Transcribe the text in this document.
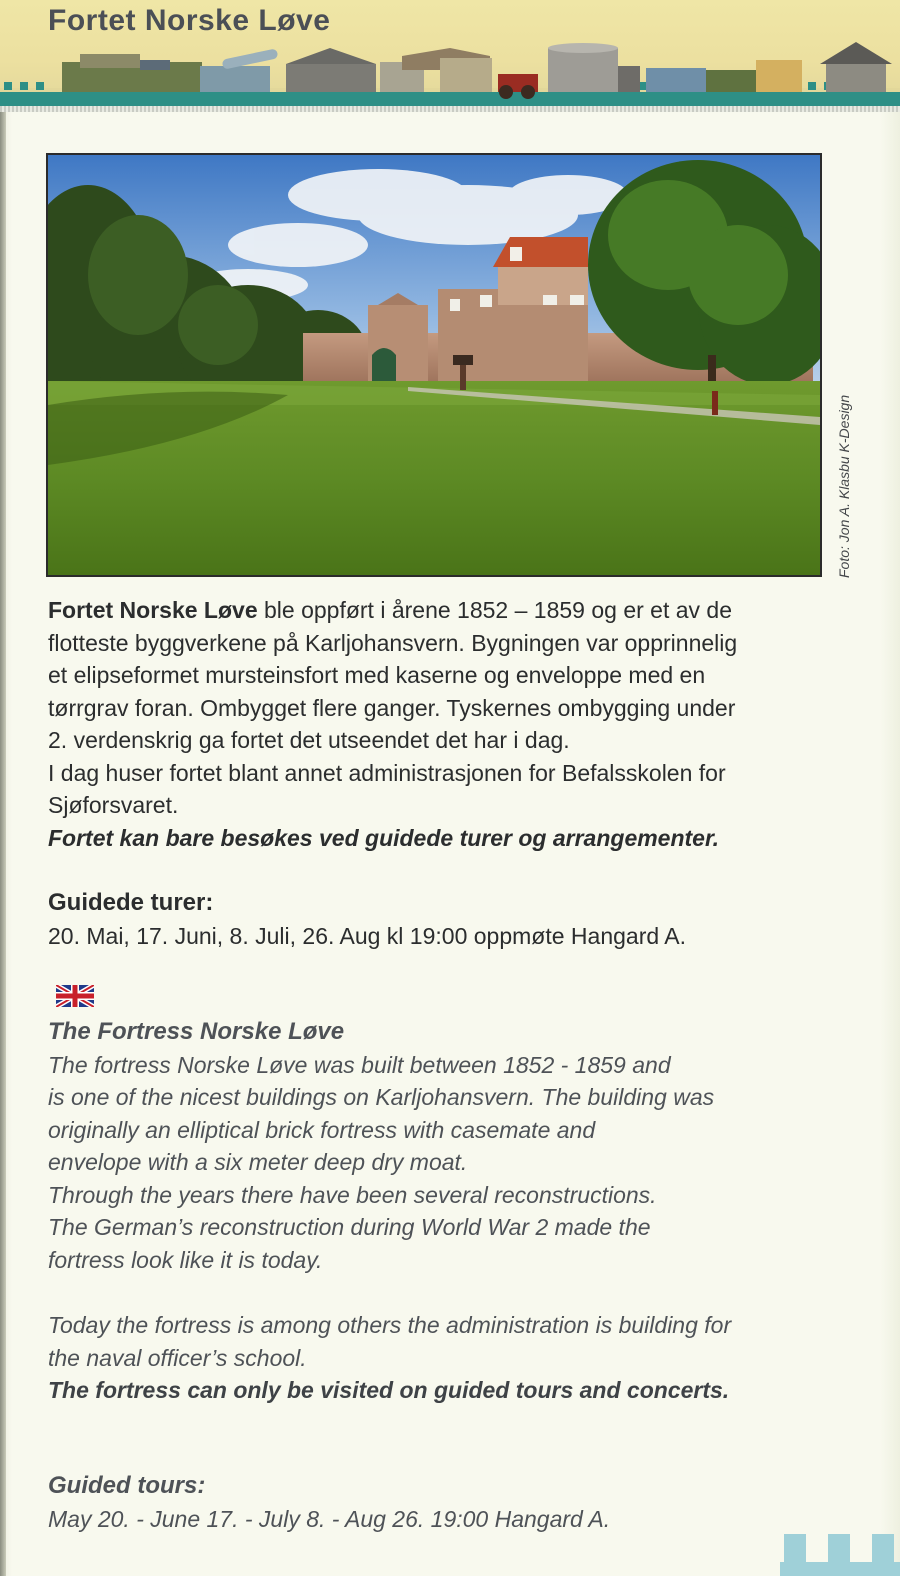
Fortet Norske Løve
Foto: Jon A. Klasbu K-Design

Fortet Norske Løve ble oppført i årene 1852 – 1859 og er et av de

flotteste byggverkene på Karljohansvern. Bygningen var opprinnelig

et elipseformet mursteinsfort med kaserne og enveloppe med en

tørrgrav foran. Ombygget flere ganger. Tyskernes ombygging under

2. verdenskrig ga fortet det utseendet det har i dag.

I dag huser fortet blant annet administrasjonen for Befalsskolen for

Sjøforsvaret.

Fortet kan bare besøkes ved guidede turer og arrangementer.

Guidede turer:

20. Mai, 17. Juni, 8. Juli, 26. Aug kl 19:00 oppmøte Hangard A.

The Fortress Norske Løve

The fortress Norske Løve was built between 1852 - 1859 and

is one of the nicest buildings on Karljohansvern. The building was

originally an elliptical brick fortress with casemate and

envelope with a six meter deep dry moat.

Through the years there have been several reconstructions.

The German’s reconstruction during World War 2 made the

fortress look like it is today.

Today the fortress is among others the administration is building for

the naval officer’s school.

The fortress can only be visited on guided tours and concerts.

Guided tours:

May 20. - June 17. - July 8. - Aug 26. 19:00 Hangard A.
